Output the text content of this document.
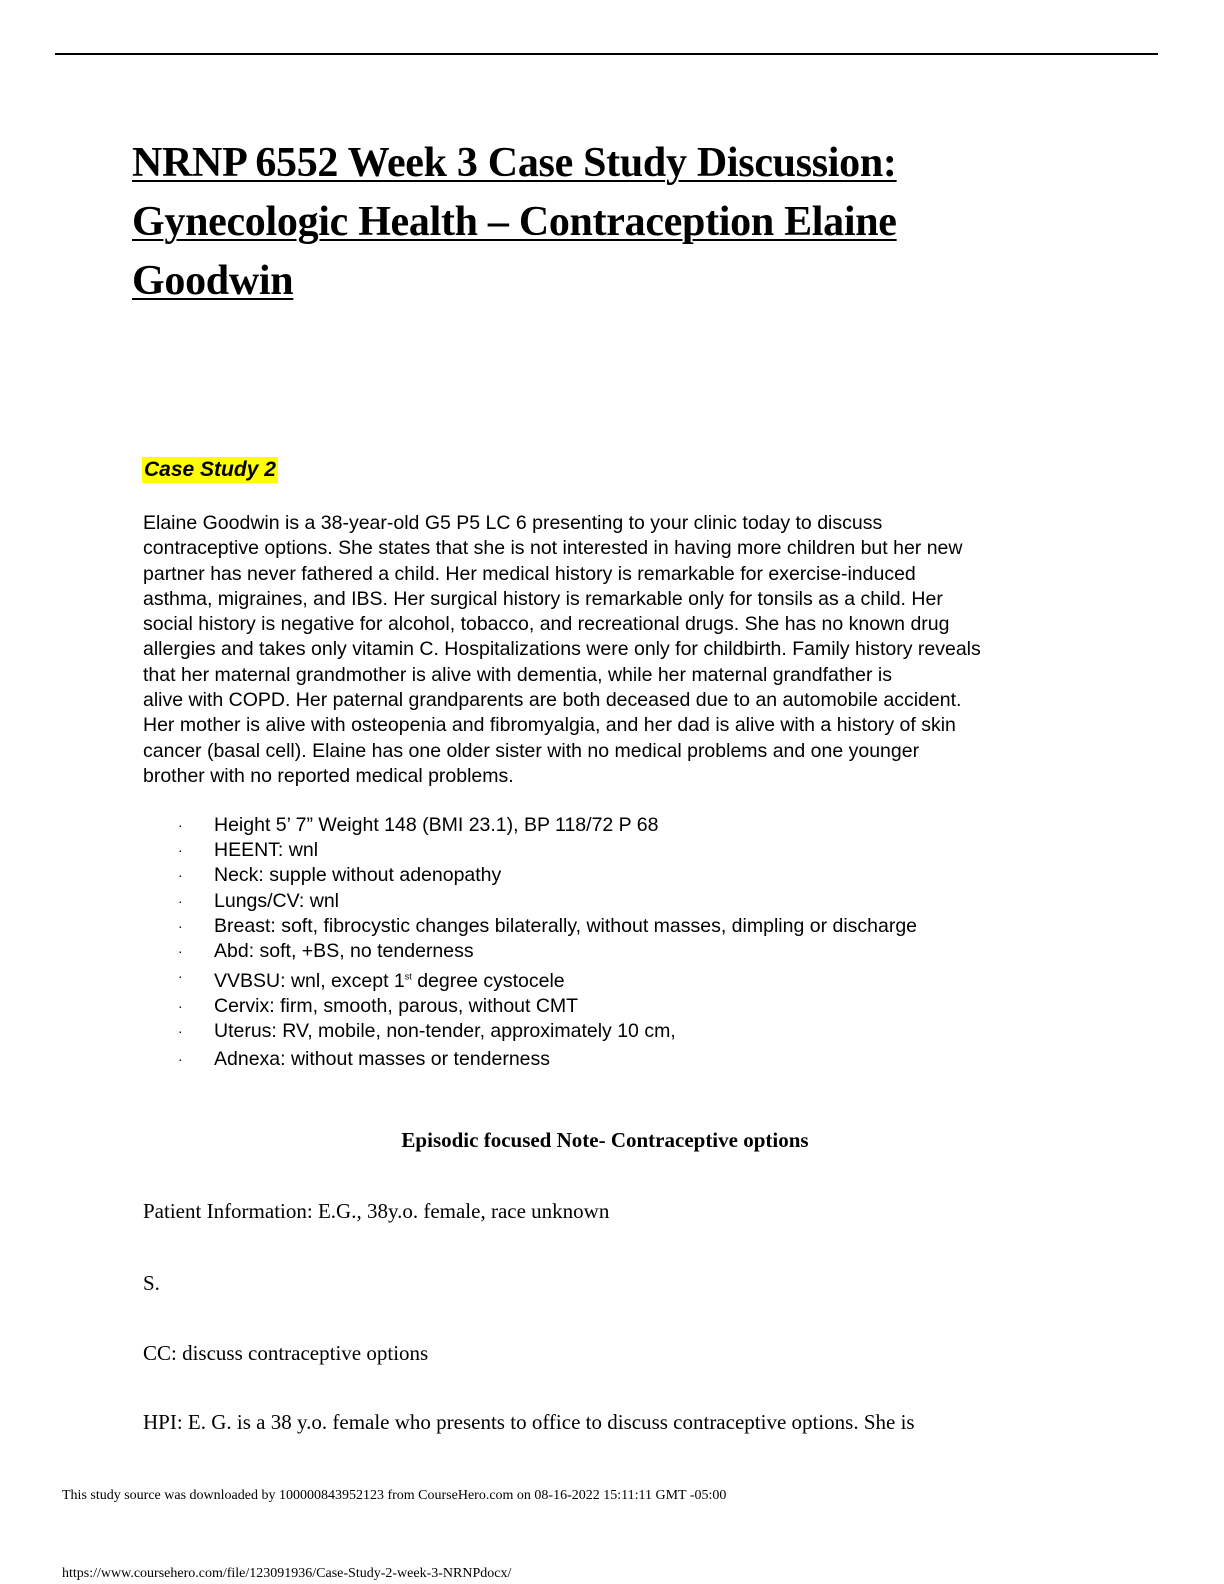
NRNP 6552 Week 3 Case Study Discussion:
Gynecologic Health – Contraception Elaine
Goodwin
Case Study 2

Elaine Goodwin is a 38-year-old G5 P5 LC 6 presenting to your clinic today to discuss
contraceptive options. She states that she is not interested in having more children but her new
partner has never fathered a child. Her medical history is remarkable for exercise-induced
asthma, migraines, and IBS. Her surgical history is remarkable only for tonsils as a child. Her
social history is negative for alcohol, tobacco, and recreational drugs. She has no known drug
allergies and takes only vitamin C. Hospitalizations were only for childbirth. Family history reveals
that her maternal grandmother is alive with dementia, while her maternal grandfather is
alive with COPD. Her paternal grandparents are both deceased due to an automobile accident.
Her mother is alive with osteopenia and fibromyalgia, and her dad is alive with a history of skin
cancer (basal cell). Elaine has one older sister with no medical problems and one younger
brother with no reported medical problems.

· Height 5’ 7” Weight 148 (BMI 23.1), BP 118/72 P 68
· HEENT: wnl
· Neck: supple without adenopathy
· Lungs/CV: wnl
· Breast: soft, fibrocystic changes bilaterally, without masses, dimpling or discharge
· Abd: soft, +BS, no tenderness
· VVBSU: wnl, except 1st degree cystocele
· Cervix: firm, smooth, parous, without CMT
· Uterus: RV, mobile, non-tender, approximately 10 cm,
· Adnexa: without masses or tenderness
Episodic focused Note- Contraceptive options
Patient Information: E.G., 38y.o. female, race unknown
S.
CC: discuss contraceptive options
HPI: E. G. is a 38 y.o. female who presents to office to discuss contraceptive options. She is
This study source was downloaded by 100000843952123 from CourseHero.com on 08-16-2022 15:11:11 GMT -05:00
https://www.coursehero.com/file/123091936/Case-Study-2-week-3-NRNPdocx/
